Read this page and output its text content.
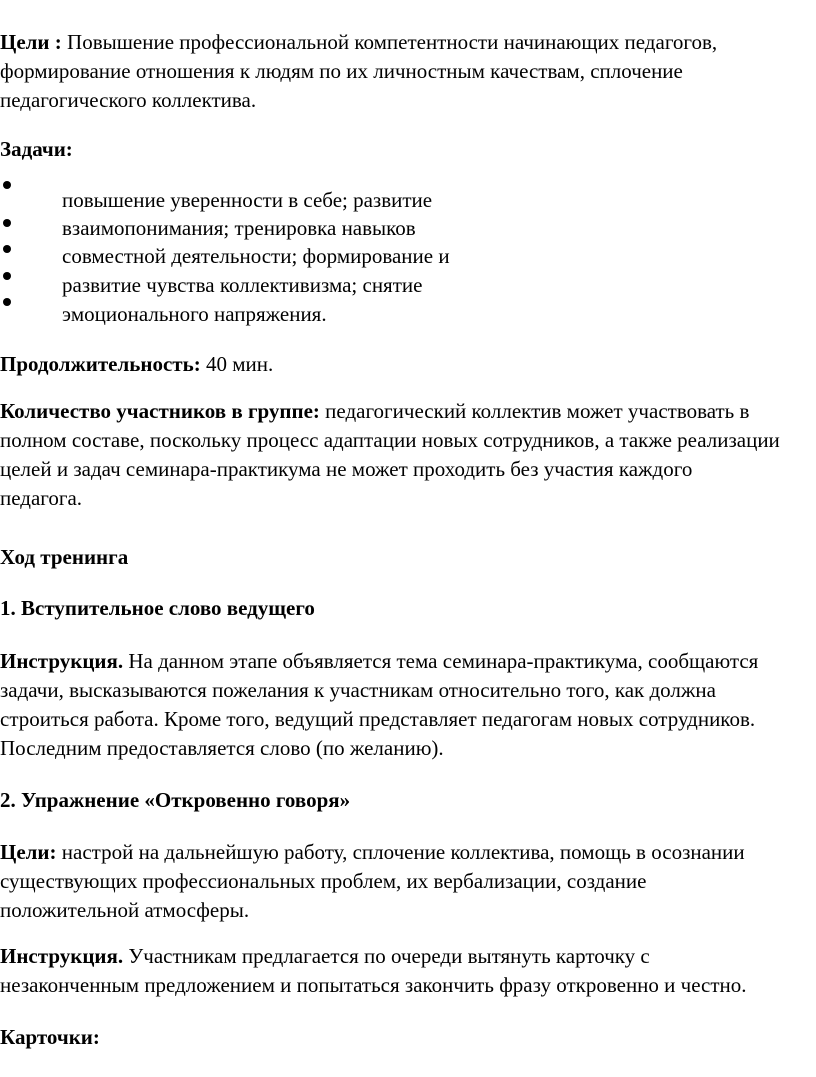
Цели : Повышение профессиональной компетентности начинающих педагогов,
формирование отношения к людям по их личностным качествам, сплочение
педагогического коллектива.
Задачи:
повышение уверенности в себе; развитие
взаимопонимания; тренировка навыков
совместной деятельности; формирование и
развитие чувства коллективизма; снятие
эмоционального напряжения.
Продолжительность: 40 мин.
Количество участников в группе: педагогический коллектив может участвовать в
полном составе, поскольку процесс адаптации новых сотрудников, а также реализации
целей и задач семинара-практикума не может проходить без участия каждого
педагога.
Ход тренинга
1. Вступительное слово ведущего
Инструкция. На данном этапе объявляется тема семинара-практикума, сообщаются
задачи, высказываются пожелания к участникам относительно того, как должна
строиться работа. Кроме того, ведущий представляет педагогам новых сотрудников.
Последним предоставляется слово (по желанию).
2. Упражнение «Откровенно говоря»
Цели: настрой на дальнейшую работу, сплочение коллектива, помощь в осознании
существующих профессиональных проблем, их вербализации, создание
положительной атмосферы.
Инструкция. Участникам предлагается по очереди вытянуть карточку с
незаконченным предложением и попытаться закончить фразу откровенно и честно.
Карточки:
